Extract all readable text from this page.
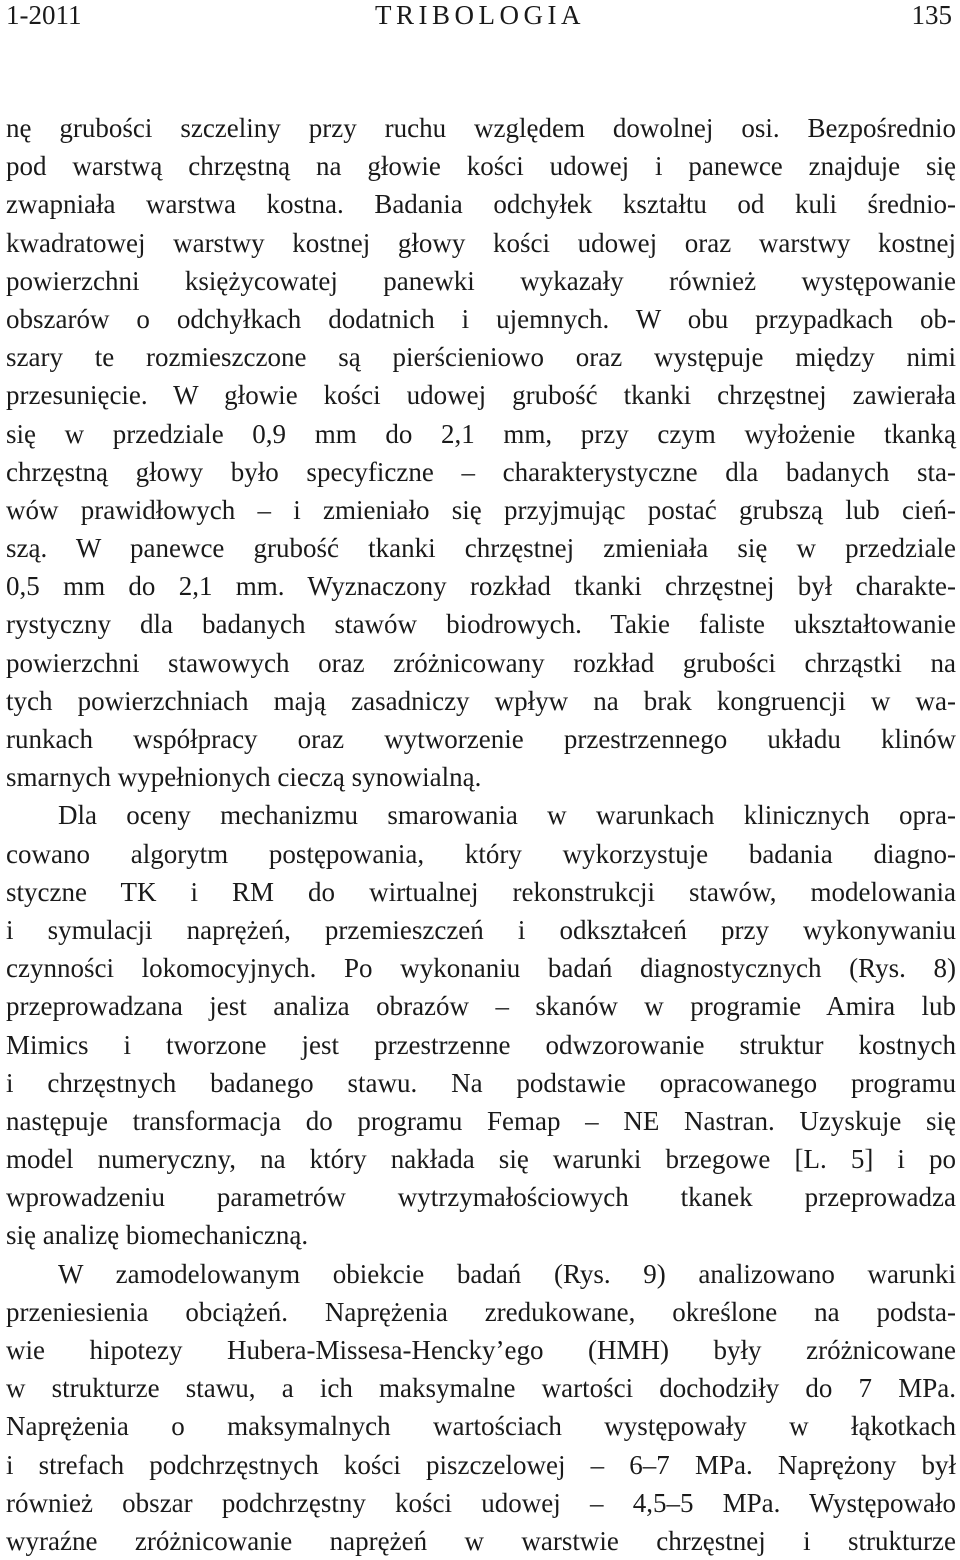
1-2011	TRIBOLOGIA	135
nę grubości szczeliny przy ruchu względem dowolnej osi. Bezpośrednio
pod warstwą chrzęstną na głowie kości udowej i panewce znajduje się
zwapniała warstwa kostna. Badania odchyłek kształtu od kuli średnio-
kwadratowej warstwy kostnej głowy kości udowej oraz warstwy kostnej
powierzchni księżycowatej panewki wykazały również występowanie
obszarów o odchyłkach dodatnich i ujemnych. W obu przypadkach ob-
szary te rozmieszczone są pierścieniowo oraz występuje między nimi
przesunięcie. W głowie kości udowej grubość tkanki chrzęstnej zawierała
się w przedziale 0,9 mm do 2,1 mm, przy czym wyłożenie tkanką
chrzęstną głowy było specyficzne – charakterystyczne dla badanych sta-
wów prawidłowych – i zmieniało się przyjmując postać grubszą lub cień-
szą. W panewce grubość tkanki chrzęstnej zmieniała się w przedziale
0,5 mm do 2,1 mm. Wyznaczony rozkład tkanki chrzęstnej był charakte-
rystyczny dla badanych stawów biodrowych. Takie faliste ukształtowanie
powierzchni stawowych oraz zróżnicowany rozkład grubości chrząstki na
tych powierzchniach mają zasadniczy wpływ na brak kongruencji w wa-
runkach współpracy oraz wytworzenie przestrzennego układu klinów
smarnych wypełnionych cieczą synowialną.
Dla oceny mechanizmu smarowania w warunkach klinicznych opra-
cowano algorytm postępowania, który wykorzystuje badania diagno-
styczne TK i RM do wirtualnej rekonstrukcji stawów, modelowania
i symulacji naprężeń, przemieszczeń i odkształceń przy wykonywaniu
czynności lokomocyjnych. Po wykonaniu badań diagnostycznych (Rys. 8)
przeprowadzana jest analiza obrazów – skanów w programie Amira lub
Mimics i tworzone jest przestrzenne odwzorowanie struktur kostnych
i chrzęstnych badanego stawu. Na podstawie opracowanego programu
następuje transformacja do programu Femap – NE Nastran. Uzyskuje się
model numeryczny, na który nakłada się warunki brzegowe [L. 5] i po
wprowadzeniu parametrów wytrzymałościowych tkanek przeprowadza
się analizę biomechaniczną.
W zamodelowanym obiekcie badań (Rys. 9) analizowano warunki
przeniesienia obciążeń. Naprężenia zredukowane, określone na podsta-
wie hipotezy Hubera-Missesa-Hencky’ego (HMH) były zróżnicowane
w strukturze stawu, a ich maksymalne wartości dochodziły do 7 MPa.
Naprężenia o maksymalnych wartościach występowały w łąkotkach
i strefach podchrzęstnych kości piszczelowej – 6–7 MPa. Naprężony był
również obszar podchrzęstny kości udowej – 4,5–5 MPa. Występowało
wyraźne zróżnicowanie naprężeń w warstwie chrzęstnej i strukturze
